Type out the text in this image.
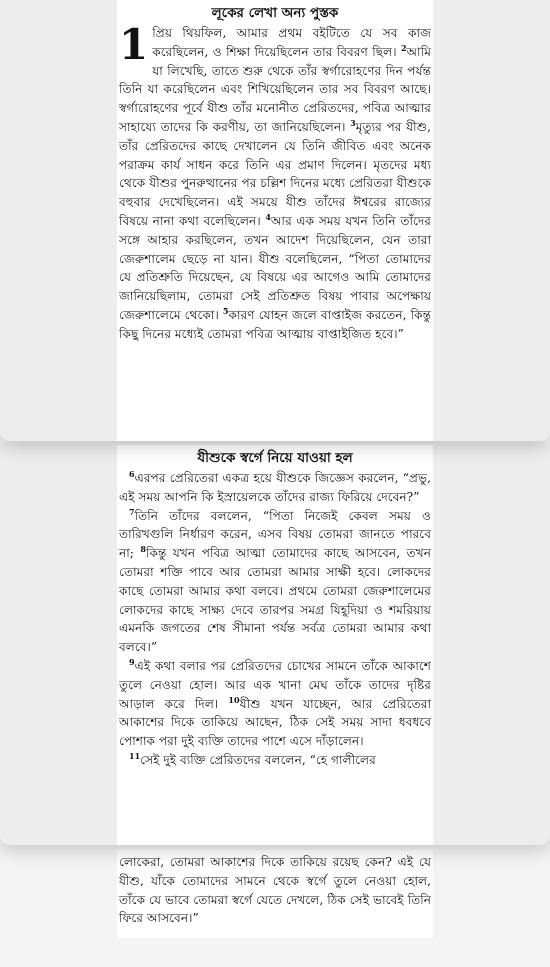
লূকের লেখা অন্য পুস্তক

1 প্রিয় থিয়ফিল, আমার প্রথম বইটিতে যে সব কাজ করেছিলেন, ও শিক্ষা দিয়েছিলেন তার বিবরণ ছিল। $^2$আমি যা লিখেছি, তাতে শুরু থেকে তাঁর স্বর্গারোহণের দিন পর্যন্ত তিনি যা করেছিলেন এবং শিখিয়েছিলেন তার সব বিবরণ আছে। স্বর্গারোহণের পূর্বে যীশু তাঁর মনোনীত প্রেরিতদের, পবিত্র আত্মার সাহায্যে তাদের কি করণীয়, তা জানিয়েছিলেন। $^3$মৃত্যুর পর যীশু, তাঁর প্রেরিতদের কাছে দেখালেন যে তিনি জীবিত এবং অনেক পরাক্রম কার্য সাধন করে তিনি এর প্রমাণ দিলেন। মৃতদের মধ্য থেকে যীশুর পুনরুত্থানের পর চল্লিশ দিনের মধ্যে প্রেরিতরা যীশুকে বহুবার দেখেছিলেন। এই সময়ে যীশু তাঁদের ঈশ্বরের রাজ্যের বিষয়ে নানা কথা বলেছিলেন। $^4$আর এক সময় যখন তিনি তাঁদের সঙ্গে আহার করছিলেন, তখন আদেশ দিয়েছিলেন, যেন তারা জেরুশালেম ছেড়ে না যান। যীশু বলেছিলেন, “পিতা তোমাদের যে প্রতিশ্রুতি দিয়েছেন, যে বিষয়ে এর আগেও আমি তোমাদের জানিয়েছিলাম, তোমরা সেই প্রতিশ্রুত বিষয় পাবার অপেক্ষায় জেরুশালেমে থেকো। $^5$কারণ যোহন জলে বাপ্তাইজ করতেন, কিন্তু কিছু দিনের মধ্যেই তোমরা পবিত্র আত্মায় বাপ্তাইজিত হবে।”

যীশুকে স্বর্গে নিয়ে যাওয়া হল

$^6$এরপর প্রেরিতেরা একত্র হয়ে যীশুকে জিজ্ঞেস করলেন, “প্রভু, এই সময় আপনি কি ইস্রায়েলকে তাঁদের রাজ্য ফিরিয়ে দেবেন?”

$^7$তিনি তাঁদের বললেন, “পিতা নিজেই কেবল সময় ও তারিখগুলি নির্ধারণ করেন, এসব বিষয় তোমরা জানতে পারবে না; $^8$কিন্তু যখন পবিত্র আত্মা তোমাদের কাছে আসবেন, তখন তোমরা শক্তি পাবে আর তোমরা আমার সাক্ষী হবে। লোকদের কাছে তোমরা আমার কথা বলবে। প্রথমে তোমরা জেরুশালেমের লোকদের কাছে সাক্ষ্য দেবে তারপর সমগ্র যিহূদিয়া ও শমরিয়ায় এমনকি জগতের শেষ সীমানা পর্যন্ত সর্বত্র তোমরা আমার কথা বলবে।”

$^9$এই কথা বলার পর প্রেরিতদের চোখের সামনে তাঁকে আকাশে তুলে নেওয়া হোল। আর এক খানা মেঘ তাঁকে তাদের দৃষ্টির আড়াল করে দিল। $^{10}$যীশু যখন যাচ্ছেন, আর প্রেরিতেরা আকাশের দিকে তাকিয়ে আছেন, ঠিক সেই সময় সাদা ধবধবে পোশাক পরা দুই ব্যক্তি তাদের পাশে এসে দাঁড়ালেন।

$^{11}$সেই দুই ব্যক্তি প্রেরিতদের বললেন, “হে গালীলের

লোকেরা, তোমরা আকাশের দিকে তাকিয়ে রয়েছ কেন? এই যে যীশু, যাঁকে তোমাদের সামনে থেকে স্বর্গে তুলে নেওয়া হোল, তাঁকে যে ভাবে তোমরা স্বর্গে যেতে দেখলে, ঠিক সেই ভাবেই তিনি ফিরে আসবেন।”
